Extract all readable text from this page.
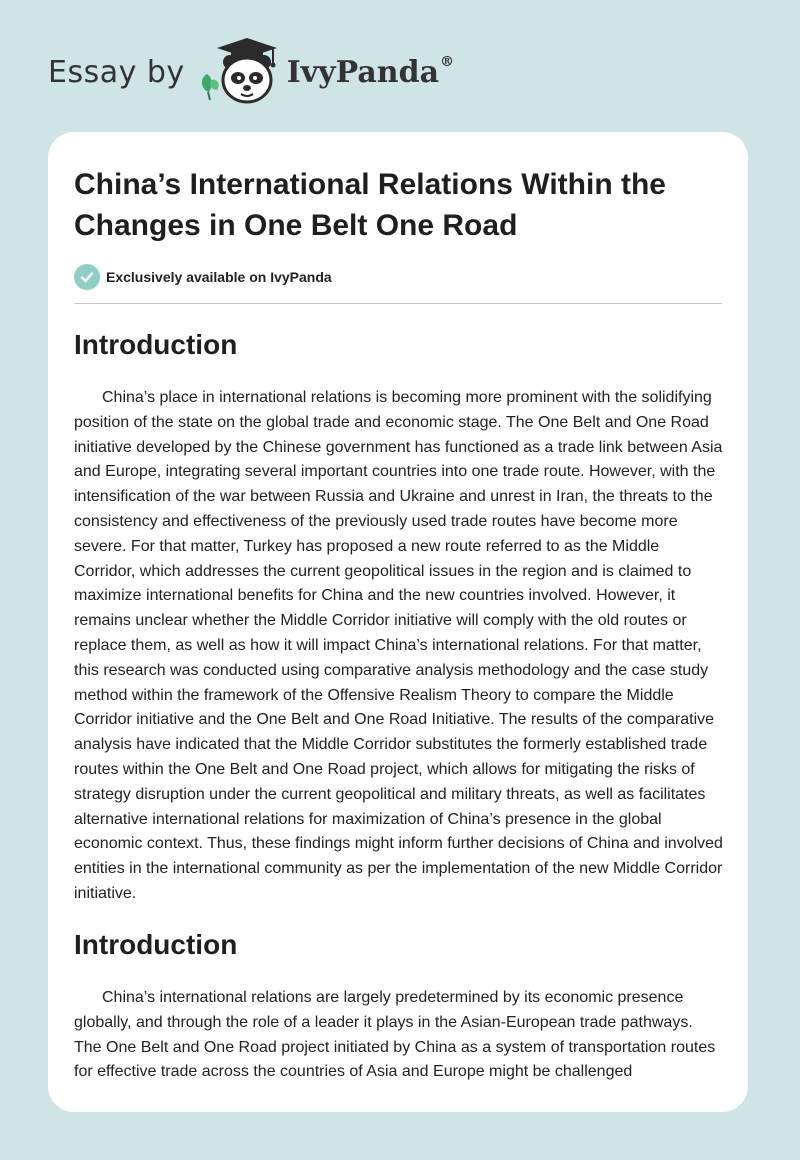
Essay by	IvyPanda®
China’s International Relations Within the Changes in One Belt One Road
Exclusively available on IvyPanda
Introduction

China’s place in international relations is becoming more prominent with the solidifying position of the state on the global trade and economic stage. The One Belt and One Road initiative developed by the Chinese government has functioned as a trade link between Asia and Europe, integrating several important countries into one trade route. However, with the intensification of the war between Russia and Ukraine and unrest in Iran, the threats to the consistency and effectiveness of the previously used trade routes have become more severe. For that matter, Turkey has proposed a new route referred to as the Middle Corridor, which addresses the current geopolitical issues in the region and is claimed to maximize international benefits for China and the new countries involved. However, it remains unclear whether the Middle Corridor initiative will comply with the old routes or replace them, as well as how it will impact China’s international relations. For that matter, this research was conducted using comparative analysis methodology and the case study method within the framework of the Offensive Realism Theory to compare the Middle Corridor initiative and the One Belt and One Road Initiative. The results of the comparative analysis have indicated that the Middle Corridor substitutes the formerly established trade routes within the One Belt and One Road project, which allows for mitigating the risks of strategy disruption under the current geopolitical and military threats, as well as facilitates alternative international relations for maximization of China’s presence in the global economic context. Thus, these findings might inform further decisions of China and involved entities in the international community as per the implementation of the new Middle Corridor initiative.

Introduction

China’s international relations are largely predetermined by its economic presence globally, and through the role of a leader it plays in the Asian-European trade pathways. The One Belt and One Road project initiated by China as a system of transportation routes for effective trade across the countries of Asia and Europe might be challenged
